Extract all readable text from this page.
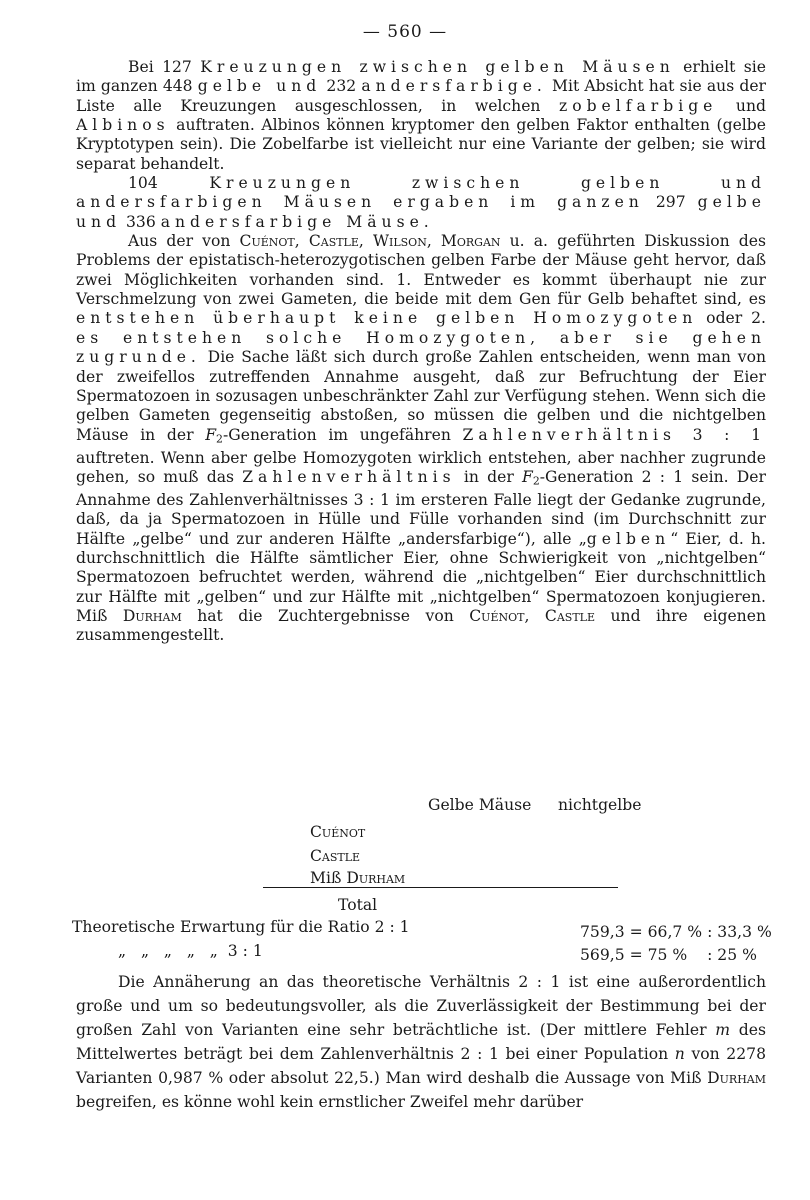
— 560 —

Bei 127 Kreuzungen zwischen gelben Mäusen erhielt sie im ganzen 448 gelbe und 232 andersfarbige. Mit Absicht hat sie aus der Liste alle Kreuzungen ausgeschlossen, in welchen zobelfarbige und Albinos auftraten. Albinos können kryptomer den gelben Faktor enthalten (gelbe Kryptotypen sein). Die Zobelfarbe ist vielleicht nur eine Variante der gelben; sie wird separat behandelt.

104 Kreuzungen zwischen gelben und andersfarbigen Mäusen ergaben im ganzen 297 gelbe und 336 andersfarbige Mäuse.

Aus der von Cuénot, Castle, Wilson, Morgan u. a. geführten Diskussion des Problems der epistatisch-heterozygotischen gelben Farbe der Mäuse geht hervor, daß zwei Möglichkeiten vorhanden sind. 1. Entweder es kommt überhaupt nie zur Verschmelzung von zwei Gameten, die beide mit dem Gen für Gelb behaftet sind, es entstehen überhaupt keine gelben Homozygoten oder 2. es entstehen solche Homozygoten, aber sie gehen zugrunde. Die Sache läßt sich durch große Zahlen entscheiden, wenn man von der zweifellos zutreffenden Annahme ausgeht, daß zur Befruchtung der Eier Spermatozoen in sozusagen unbeschränkter Zahl zur Verfügung stehen. Wenn sich die gelben Gameten gegenseitig abstoßen, so müssen die gelben und die nichtgelben Mäuse in der $F_2$-Generation im ungefähren Zahlenverhältnis 3 : 1 auftreten. Wenn aber gelbe Homozygoten wirklich entstehen, aber nachher zugrunde gehen, so muß das Zahlenverhältnis in der $F_2$-Generation 2 : 1 sein. Der Annahme des Zahlenverhältnisses 3 : 1 im ersteren Falle liegt der Gedanke zugrunde, daß, da ja Spermatozoen in Hülle und Fülle vorhanden sind (im Durchschnitt zur Hälfte „gelbe“ und zur anderen Hälfte „andersfarbige“), alle „gelben“ Eier, d. h. durchschnittlich die Hälfte sämtlicher Eier, ohne Schwierigkeit von „nichtgelben“ Spermatozoen befruchtet werden, während die „nichtgelben“ Eier durchschnittlich zur Hälfte mit „gelben“ und zur Hälfte mit „nichtgelben“ Spermatozoen konjugieren. Miß Durham hat die Zuchtergebnisse von Cuénot, Castle und ihre eigenen zusammengestellt.

Gelbe Mäuse nichtgelbe
Cuénot
Castle
Miß Durham
Total
Theoretische Erwartung für die Ratio 2 : 1	759,3 = 66,7 % : 33,3 %
„   „   „   „   „  3 : 1	569,5 = 75 %    : 25 %

Die Annäherung an das theoretische Verhältnis 2 : 1 ist eine außerordentlich große und um so bedeutungsvoller, als die Zuverlässigkeit der Bestimmung bei der großen Zahl von Varianten eine sehr beträchtliche ist. (Der mittlere Fehler m des Mittelwertes beträgt bei dem Zahlenverhältnis 2 : 1 bei einer Population n von 2278 Varianten 0,987 % oder absolut 22,5.) Man wird deshalb die Aussage von Miß Durham begreifen, es könne wohl kein ernstlicher Zweifel mehr darüber
